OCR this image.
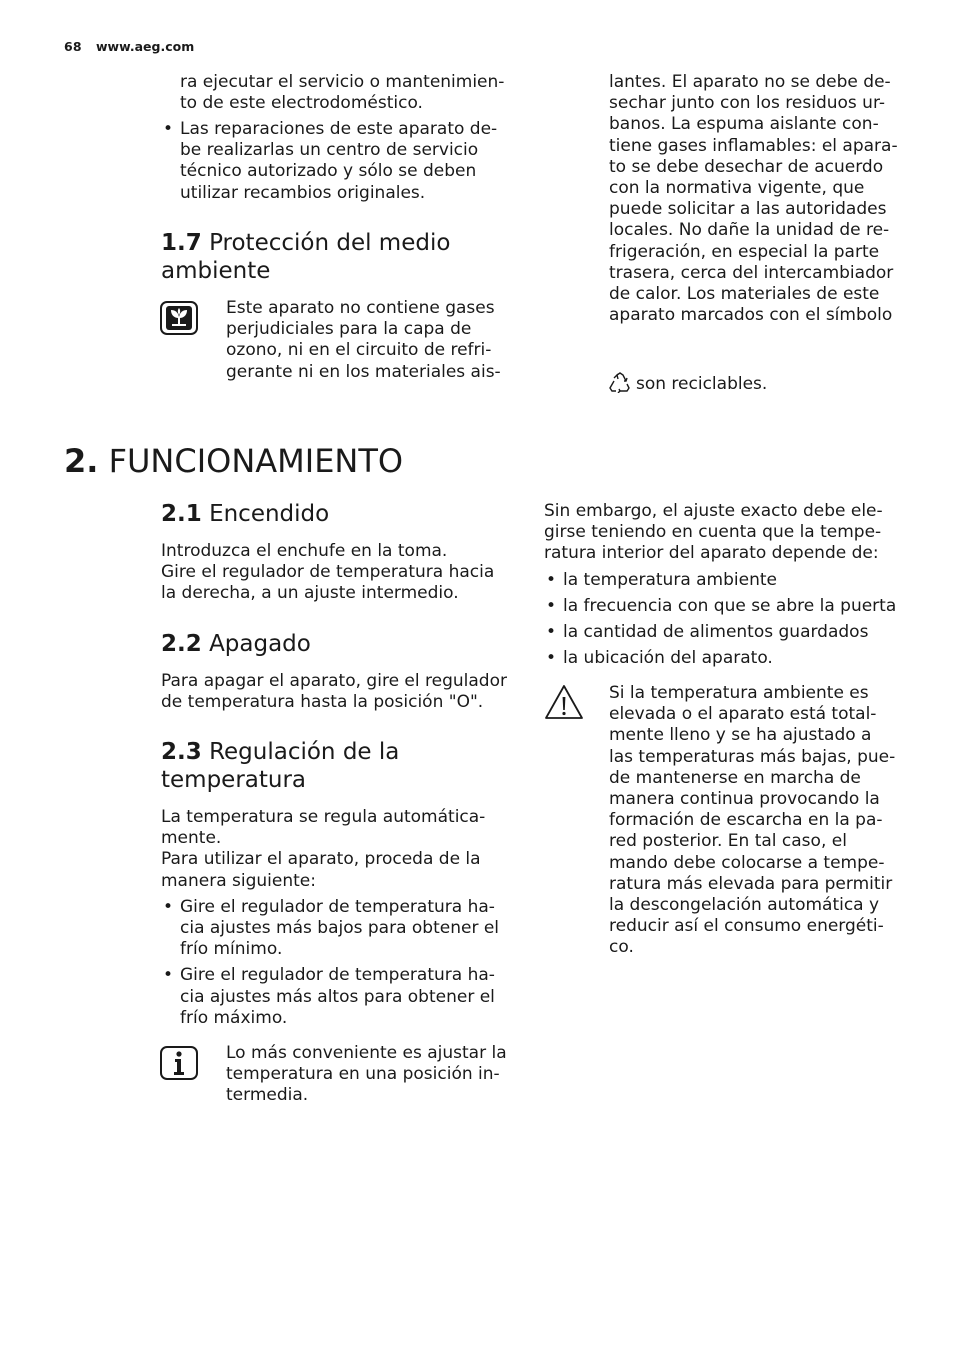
68 www.aeg.com

ra ejecutar el servicio o mantenimien-
to de este electrodoméstico.

• Las reparaciones de este aparato de-
be realizarlas un centro de servicio
técnico autorizado y sólo se deben
utilizar recambios originales.
1.7 Protección del medio
ambiente

Este aparato no contiene gases
perjudiciales para la capa de
ozono, ni en el circuito de refri-
gerante ni en los materiales ais-

lantes. El aparato no se debe de-
sechar junto con los residuos ur-
banos. La espuma aislante con-
tiene gases inflamables: el apara-
to se debe desechar de acuerdo
con la normativa vigente, que
puede solicitar a las autoridades
locales. No dañe la unidad de re-
frigeración, en especial la parte
trasera, cerca del intercambiador
de calor. Los materiales de este
aparato marcados con el símbolo

son reciclables.

2. FUNCIONAMIENTO
2.1 Encendido

Introduzca el enchufe en la toma.
Gire el regulador de temperatura hacia
la derecha, a un ajuste intermedio.

2.2 Apagado

Para apagar el aparato, gire el regulador
de temperatura hasta la posición "O".

2.3 Regulación de la
temperatura

La temperatura se regula automática-
mente.
Para utilizar el aparato, proceda de la
manera siguiente:

• Gire el regulador de temperatura ha-
cia ajustes más bajos para obtener el
frío mínimo.
• Gire el regulador de temperatura ha-
cia ajustes más altos para obtener el
frío máximo.

Lo más conveniente es ajustar la
temperatura en una posición in-
termedia.

Sin embargo, el ajuste exacto debe ele-
girse teniendo en cuenta que la tempe-
ratura interior del aparato depende de:

• la temperatura ambiente
• la frecuencia con que se abre la puerta
• la cantidad de alimentos guardados
• la ubicación del aparato.

Si la temperatura ambiente es
elevada o el aparato está total-
mente lleno y se ha ajustado a
las temperaturas más bajas, pue-
de mantenerse en marcha de
manera continua provocando la
formación de escarcha en la pa-
red posterior. En tal caso, el
mando debe colocarse a tempe-
ratura más elevada para permitir
la descongelación automática y
reducir así el consumo energéti-
co.
